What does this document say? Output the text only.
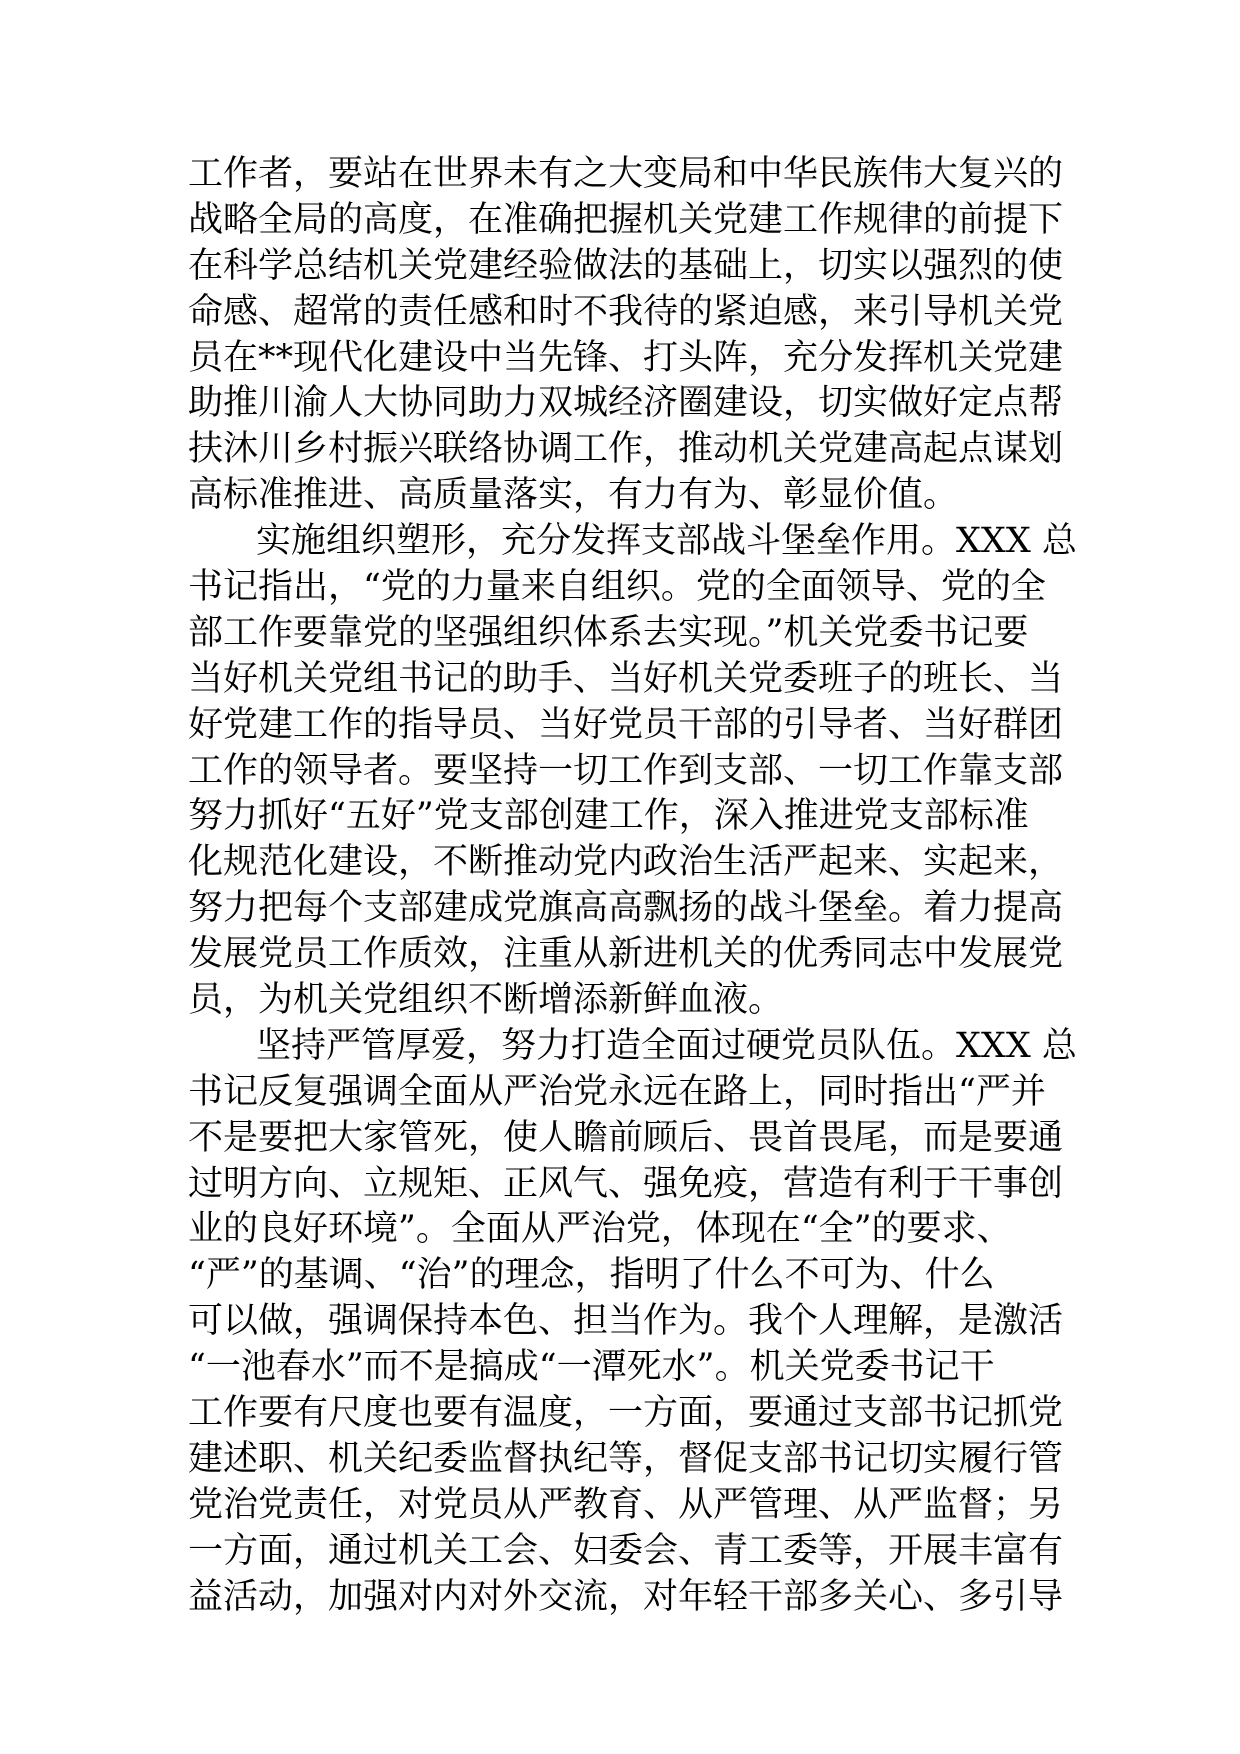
工作者，要站在世界未有之大变局和中华民族伟大复兴的
战略全局的高度，在准确把握机关党建工作规律的前提下
在科学总结机关党建经验做法的基础上，切实以强烈的使
命感、超常的责任感和时不我待的紧迫感，来引导机关党
员在**现代化建设中当先锋、打头阵，充分发挥机关党建
助推川渝人大协同助力双城经济圈建设，切实做好定点帮
扶沐川乡村振兴联络协调工作，推动机关党建高起点谋划
高标准推进、高质量落实，有力有为、彰显价值。
实施组织塑形，充分发挥支部战斗堡垒作用。XXX 总
书记指出，“党的力量来自组织。党的全面领导、党的全
部工作要靠党的坚强组织体系去实现。”机关党委书记要
当好机关党组书记的助手、当好机关党委班子的班长、当
好党建工作的指导员、当好党员干部的引导者、当好群团
工作的领导者。要坚持一切工作到支部、一切工作靠支部
努力抓好“五好”党支部创建工作，深入推进党支部标准
化规范化建设，不断推动党内政治生活严起来、实起来，
努力把每个支部建成党旗高高飘扬的战斗堡垒。着力提高
发展党员工作质效，注重从新进机关的优秀同志中发展党
员，为机关党组织不断增添新鲜血液。
坚持严管厚爱，努力打造全面过硬党员队伍。XXX 总
书记反复强调全面从严治党永远在路上，同时指出“严并
不是要把大家管死，使人瞻前顾后、畏首畏尾，而是要通
过明方向、立规矩、正风气、强免疫，营造有利于干事创
业的良好环境”。全面从严治党，体现在“全”的要求、
“严”的基调、“治”的理念，指明了什么不可为、什么
可以做，强调保持本色、担当作为。我个人理解，是激活
“一池春水”而不是搞成“一潭死水”。机关党委书记干
工作要有尺度也要有温度，一方面，要通过支部书记抓党
建述职、机关纪委监督执纪等，督促支部书记切实履行管
党治党责任，对党员从严教育、从严管理、从严监督；另
一方面，通过机关工会、妇委会、青工委等，开展丰富有
益活动，加强对内对外交流，对年轻干部多关心、多引导
